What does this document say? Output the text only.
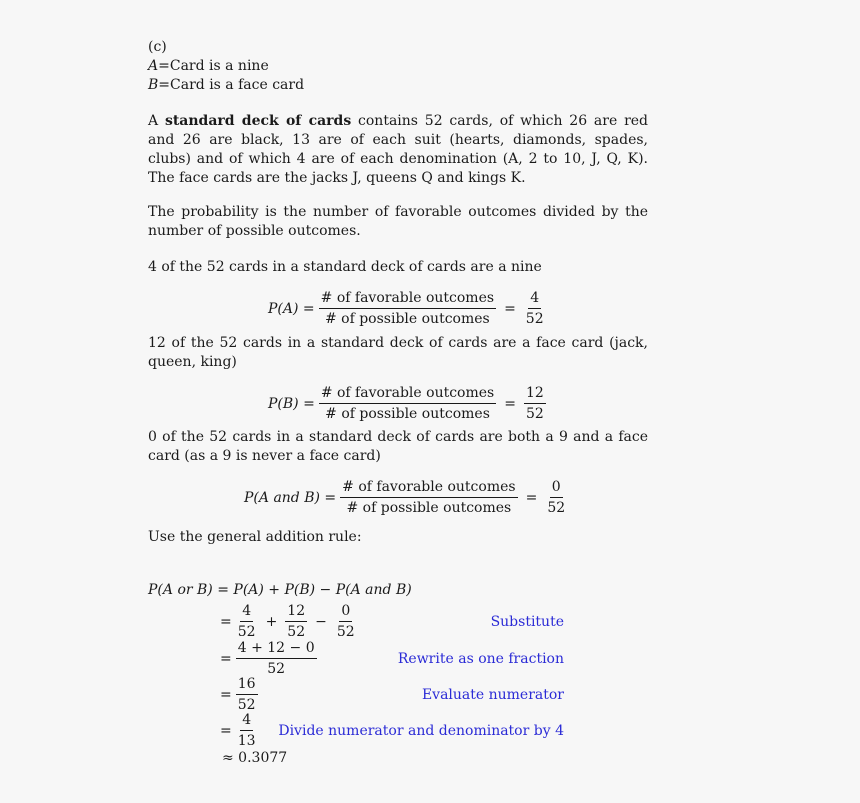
(c)
A=Card is a nine
B=Card is a face card
A standard deck of cards contains 52 cards, of which 26 are red and 26 are black, 13 are of each suit (hearts, diamonds, spades, clubs) and of which 4 are of each denomination (A, 2 to 10, J, Q, K). The face cards are the jacks J, queens Q and kings K.
The probability is the number of favorable outcomes divided by the number of possible outcomes.
4 of the 52 cards in a standard deck of cards are a nine
$P(A) = \frac{\text{\# of favorable outcomes}}{\text{\# of possible outcomes}} = \frac{4}{52}$
12 of the 52 cards in a standard deck of cards are a face card (jack, queen, king)
$P(B) = \frac{\text{\# of favorable outcomes}}{\text{\# of possible outcomes}} = \frac{12}{52}$
0 of the 52 cards in a standard deck of cards are both a 9 and a face card (as a 9 is never a face card)
P(A and $B) = \frac{\text{\# of favorable outcomes}}{\text{\# of possible outcomes}} = \frac{0}{52}$
Use the general addition rule:
P(A or B) = P(A) + P(B) − P(A and B)
= $\frac{4}{52} + \frac{12}{52} - \frac{0}{52}$	Substitute
= $\frac{4 + 12 - 0}{52}$	Rewrite as one fraction
= $\frac{16}{52}$	Evaluate numerator
= $\frac{4}{13}$ Divide numerator and denominator by 4
≈ 0.3077
